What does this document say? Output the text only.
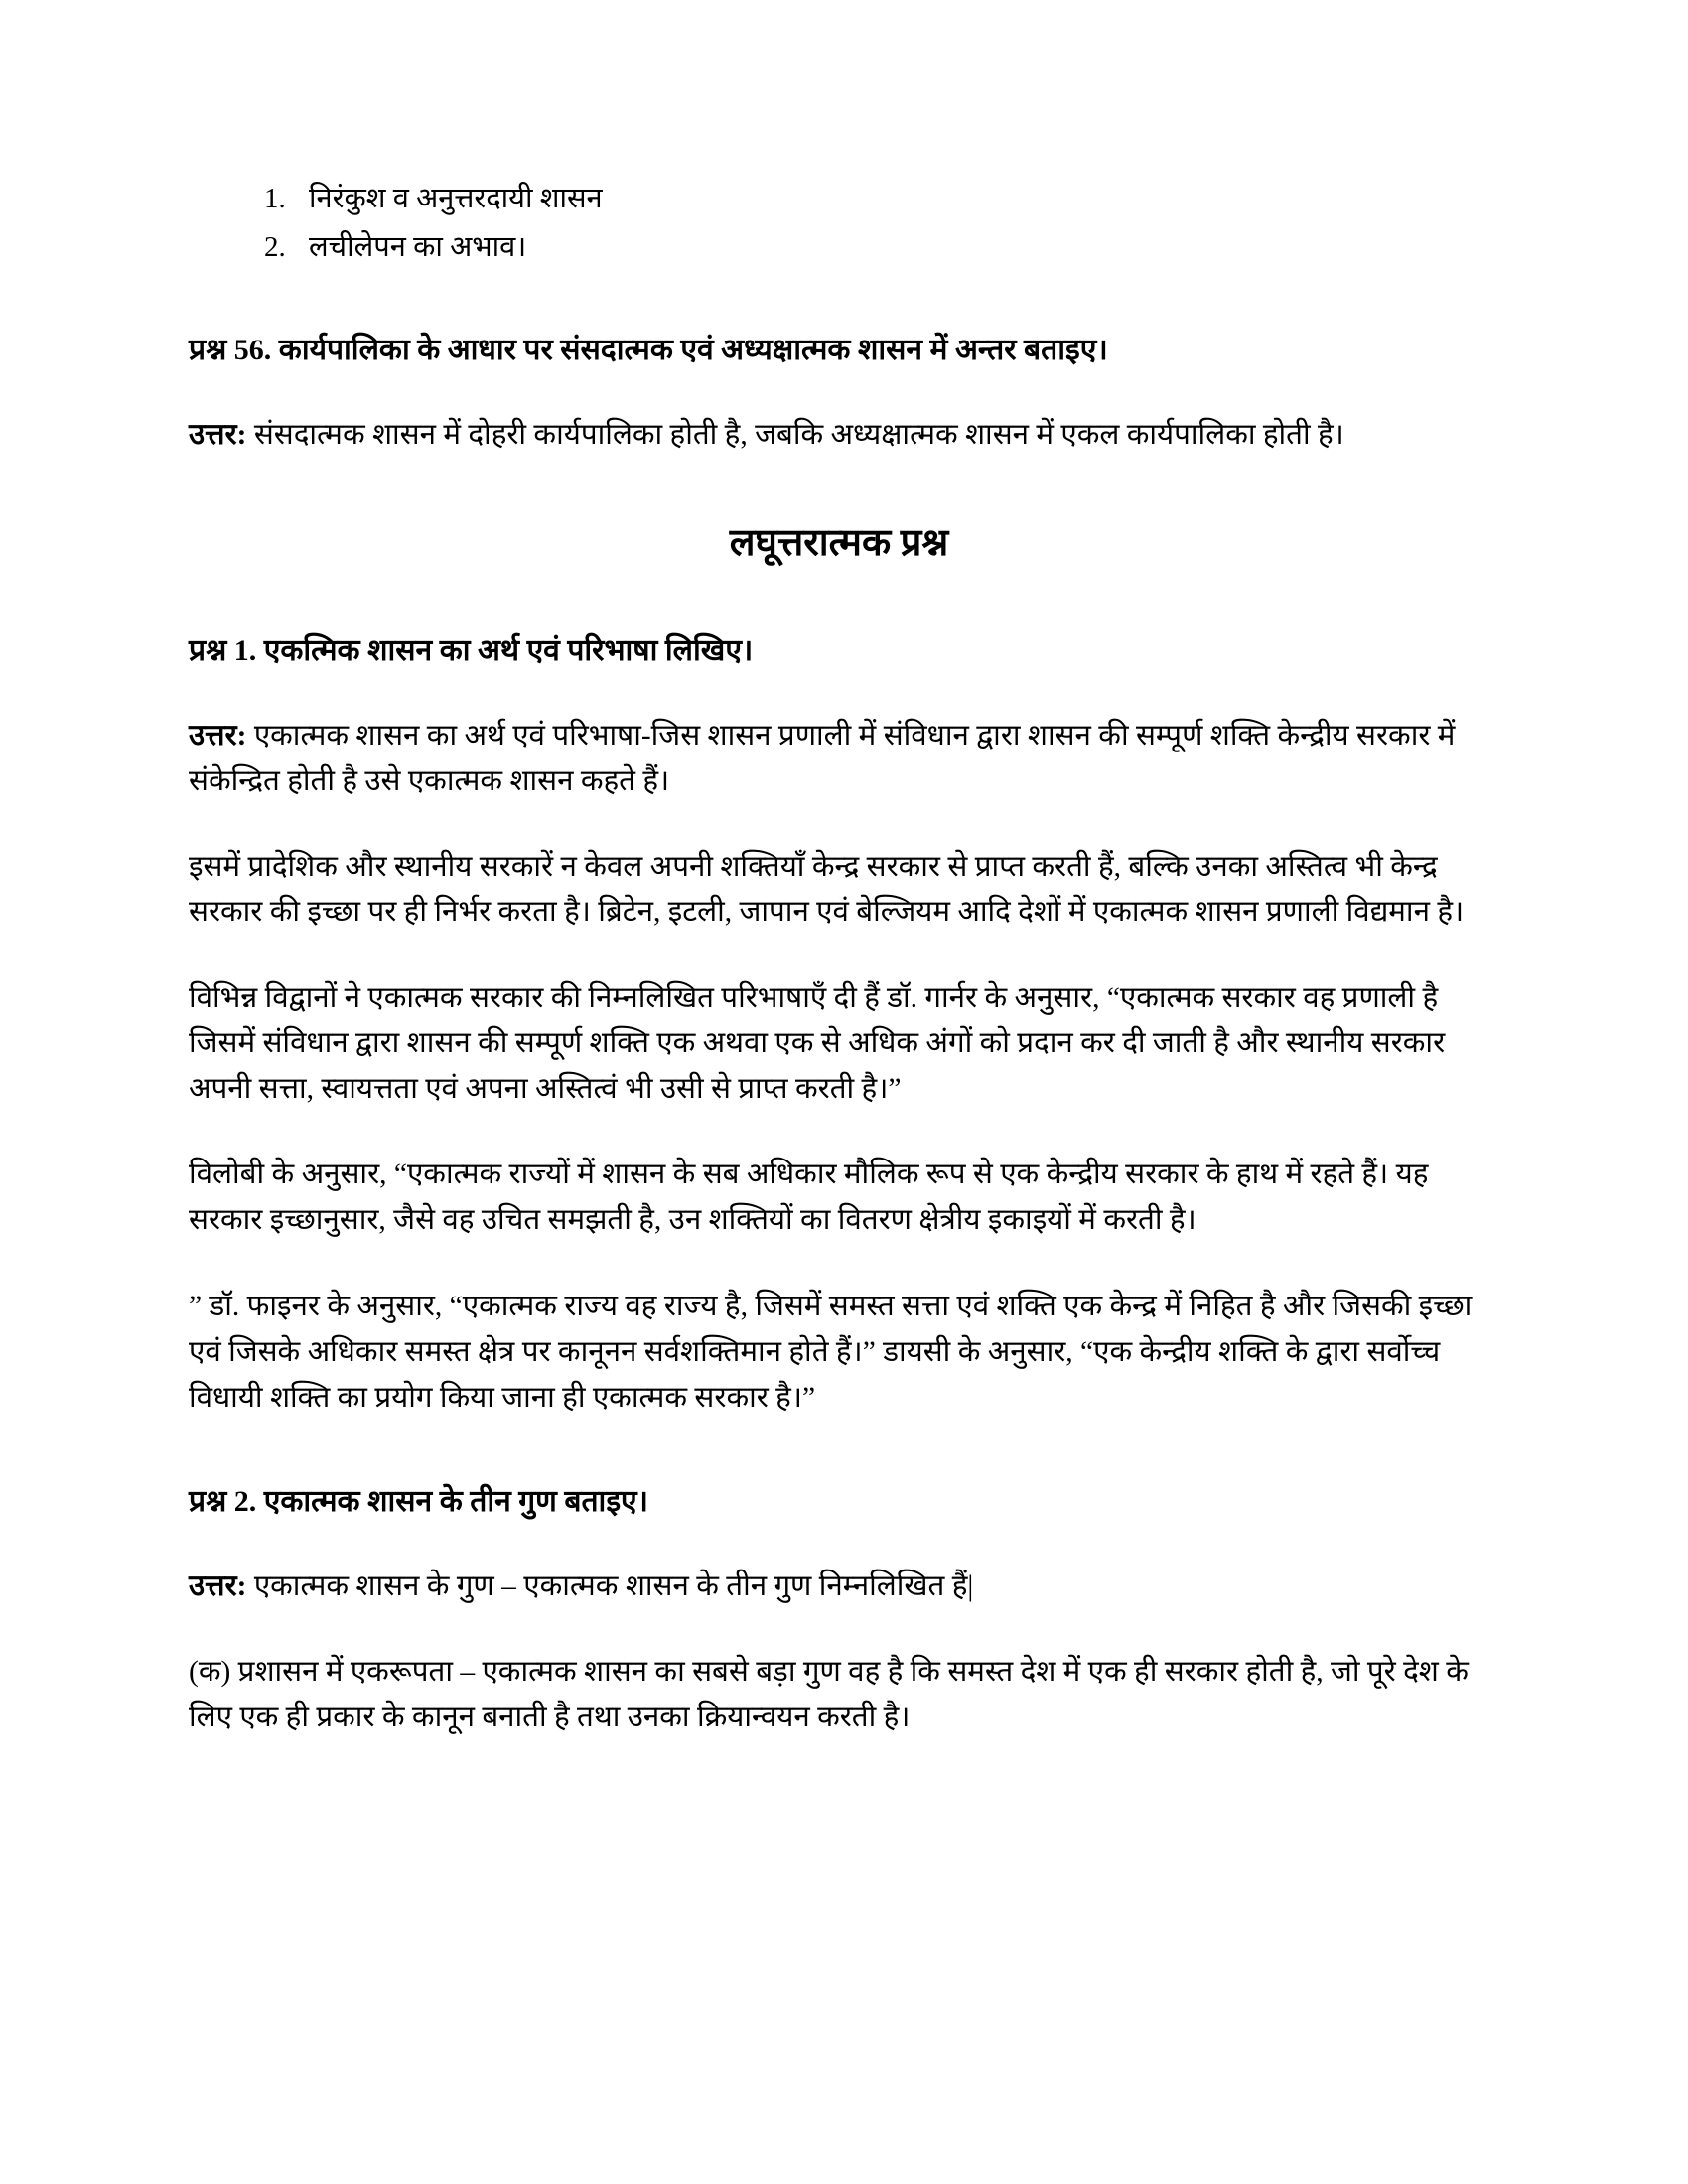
1. निरंकुश व अनुत्तरदायी शासन
2. लचीलेपन का अभाव।

प्रश्न 56. कार्यपालिका के आधार पर संसदात्मक एवं अध्यक्षात्मक शासन में अन्तर बताइए।

उत्तर: संसदात्मक शासन में दोहरी कार्यपालिका होती है, जबकि अध्यक्षात्मक शासन में एकल कार्यपालिका होती है।

लघूत्तरात्मक प्रश्न

प्रश्न 1. एकत्मिक शासन का अर्थ एवं परिभाषा लिखिए।

उत्तर: एकात्मक शासन का अर्थ एवं परिभाषा-जिस शासन प्रणाली में संविधान द्वारा शासन की सम्पूर्ण शक्ति केन्द्रीय सरकार में संकेन्द्रित होती है उसे एकात्मक शासन कहते हैं।

इसमें प्रादेशिक और स्थानीय सरकारें न केवल अपनी शक्तियाँ केन्द्र सरकार से प्राप्त करती हैं, बल्कि उनका अस्तित्व भी केन्द्र सरकार की इच्छा पर ही निर्भर करता है। ब्रिटेन, इटली, जापान एवं बेल्जियम आदि देशों में एकात्मक शासन प्रणाली विद्यमान है।

विभिन्न विद्वानों ने एकात्मक सरकार की निम्नलिखित परिभाषाएँ दी हैं डॉ. गार्नर के अनुसार, “एकात्मक सरकार वह प्रणाली है जिसमें संविधान द्वारा शासन की सम्पूर्ण शक्ति एक अथवा एक से अधिक अंगों को प्रदान कर दी जाती है और स्थानीय सरकार अपनी सत्ता, स्वायत्तता एवं अपना अस्तित्वं भी उसी से प्राप्त करती है।”

विलोबी के अनुसार, “एकात्मक राज्यों में शासन के सब अधिकार मौलिक रूप से एक केन्द्रीय सरकार के हाथ में रहते हैं। यह सरकार इच्छानुसार, जैसे वह उचित समझती है, उन शक्तियों का वितरण क्षेत्रीय इकाइयों में करती है।

” डॉ. फाइनर के अनुसार, “एकात्मक राज्य वह राज्य है, जिसमें समस्त सत्ता एवं शक्ति एक केन्द्र में निहित है और जिसकी इच्छा एवं जिसके अधिकार समस्त क्षेत्र पर कानूनन सर्वशक्तिमान होते हैं।” डायसी के अनुसार, “एक केन्द्रीय शक्ति के द्वारा सर्वोच्च विधायी शक्ति का प्रयोग किया जाना ही एकात्मक सरकार है।”

प्रश्न 2. एकात्मक शासन के तीन गुण बताइए।

उत्तर: एकात्मक शासन के गुण – एकात्मक शासन के तीन गुण निम्नलिखित हैं|

(क) प्रशासन में एकरूपता – एकात्मक शासन का सबसे बड़ा गुण वह है कि समस्त देश में एक ही सरकार होती है, जो पूरे देश के लिए एक ही प्रकार के कानून बनाती है तथा उनका क्रियान्वयन करती है।
